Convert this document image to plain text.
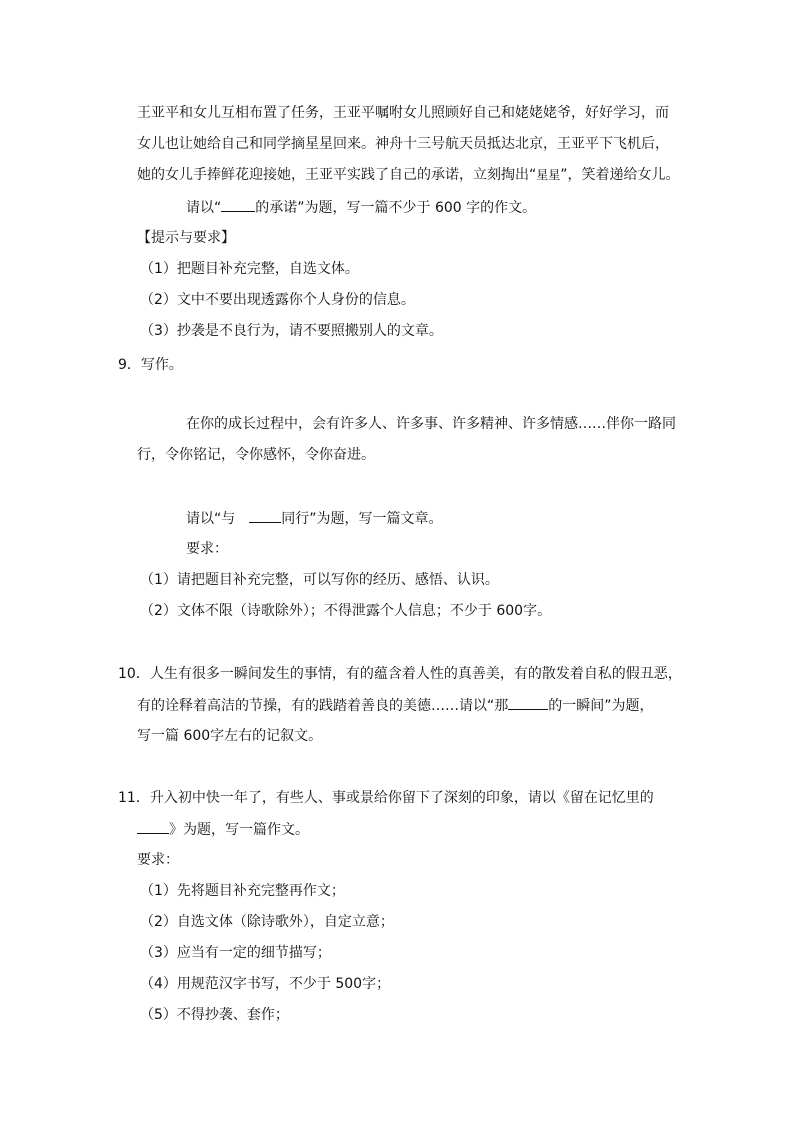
王亚平和女儿互相布置了任务，王亚平嘱咐女儿照顾好自己和姥姥姥爷，好好学习，而
女儿也让她给自己和同学摘星星回来。神舟十三号航天员抵达北京，王亚平下飞机后，
她的女儿手捧鲜花迎接她，王亚平实践了自己的承诺，立刻掏出“星星”，笑着递给女儿。
请以“ 的承诺”为题，写一篇不少于 600 字的作文。
【提示与要求】
（1）把题目补充完整，自选文体。
（2）文中不要出现透露你个人身份的信息。
（3）抄袭是不良行为，请不要照搬别人的文章。
9．写作。
在你的成长过程中，会有许多人、许多事、许多精神、许多情感……伴你一路同
行，令你铭记，令你感怀，令你奋进。
请以“与　同行”为题，写一篇文章。
要求：
（1）请把题目补充完整，可以写你的经历、感悟、认识。
（2）文体不限（诗歌除外）；不得泄露个人信息；不少于 600字。
10．人生有很多一瞬间发生的事情，有的蕴含着人性的真善美，有的散发着自私的假丑恶，
有的诠释着高洁的节操，有的践踏着善良的美德……请以“那	的一瞬间”为题，
写一篇 600字左右的记叙文。
11．升入初中快一年了，有些人、事或景给你留下了深刻的印象，请以《留在记忆里的
》为题，写一篇作文。
要求：
（1）先将题目补充完整再作文；
（2）自选文体（除诗歌外），自定立意；
（3）应当有一定的细节描写；
（4）用规范汉字书写，不少于 500字；
（5）不得抄袭、套作；
